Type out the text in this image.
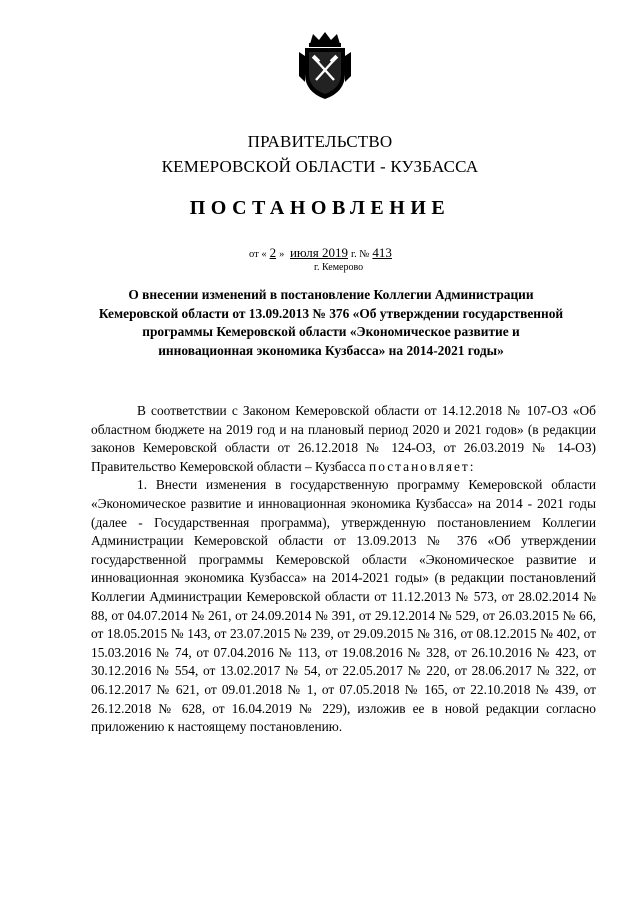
ПРАВИТЕЛЬСТВО
КЕМЕРОВСКОЙ ОБЛАСТИ - КУЗБАССА
ПОСТАНОВЛЕНИЕ
от « 2 » июля 2019 г. № 413
г. Кемерово
О внесении изменений в постановление Коллегии Администрации Кемеровской области от 13.09.2013 № 376 «Об утверждении государственной программы Кемеровской области «Экономическое развитие и инновационная экономика Кузбасса» на 2014-2021 годы»

В соответствии с Законом Кемеровской области от 14.12.2018 № 107-ОЗ «Об областном бюджете на 2019 год и на плановый период 2020 и 2021 годов» (в редакции законов Кемеровской области от 26.12.2018 № 124-ОЗ, от 26.03.2019 № 14-ОЗ) Правительство Кемеровской области – Кузбасса постановляет:

1. Внести изменения в государственную программу Кемеровской области «Экономическое развитие и инновационная экономика Кузбасса» на 2014 - 2021 годы (далее - Государственная программа), утвержденную постановлением Коллегии Администрации Кемеровской области от 13.09.2013 № 376 «Об утверждении государственной программы Кемеровской области «Экономическое развитие и инновационная экономика Кузбасса» на 2014-2021 годы» (в редакции постановлений Коллегии Администрации Кемеровской области от 11.12.2013 № 573, от 28.02.2014 № 88, от 04.07.2014 № 261, от 24.09.2014 № 391, от 29.12.2014 № 529, от 26.03.2015 № 66, от 18.05.2015 № 143, от 23.07.2015 № 239, от 29.09.2015 № 316, от 08.12.2015 № 402, от 15.03.2016 № 74, от 07.04.2016 № 113, от 19.08.2016 № 328, от 26.10.2016 № 423, от 30.12.2016 № 554, от 13.02.2017 № 54, от 22.05.2017 № 220, от 28.06.2017 № 322, от 06.12.2017 № 621, от 09.01.2018 № 1, от 07.05.2018 № 165, от 22.10.2018 № 439, от 26.12.2018 № 628, от 16.04.2019 № 229), изложив ее в новой редакции согласно приложению к настоящему постановлению.
